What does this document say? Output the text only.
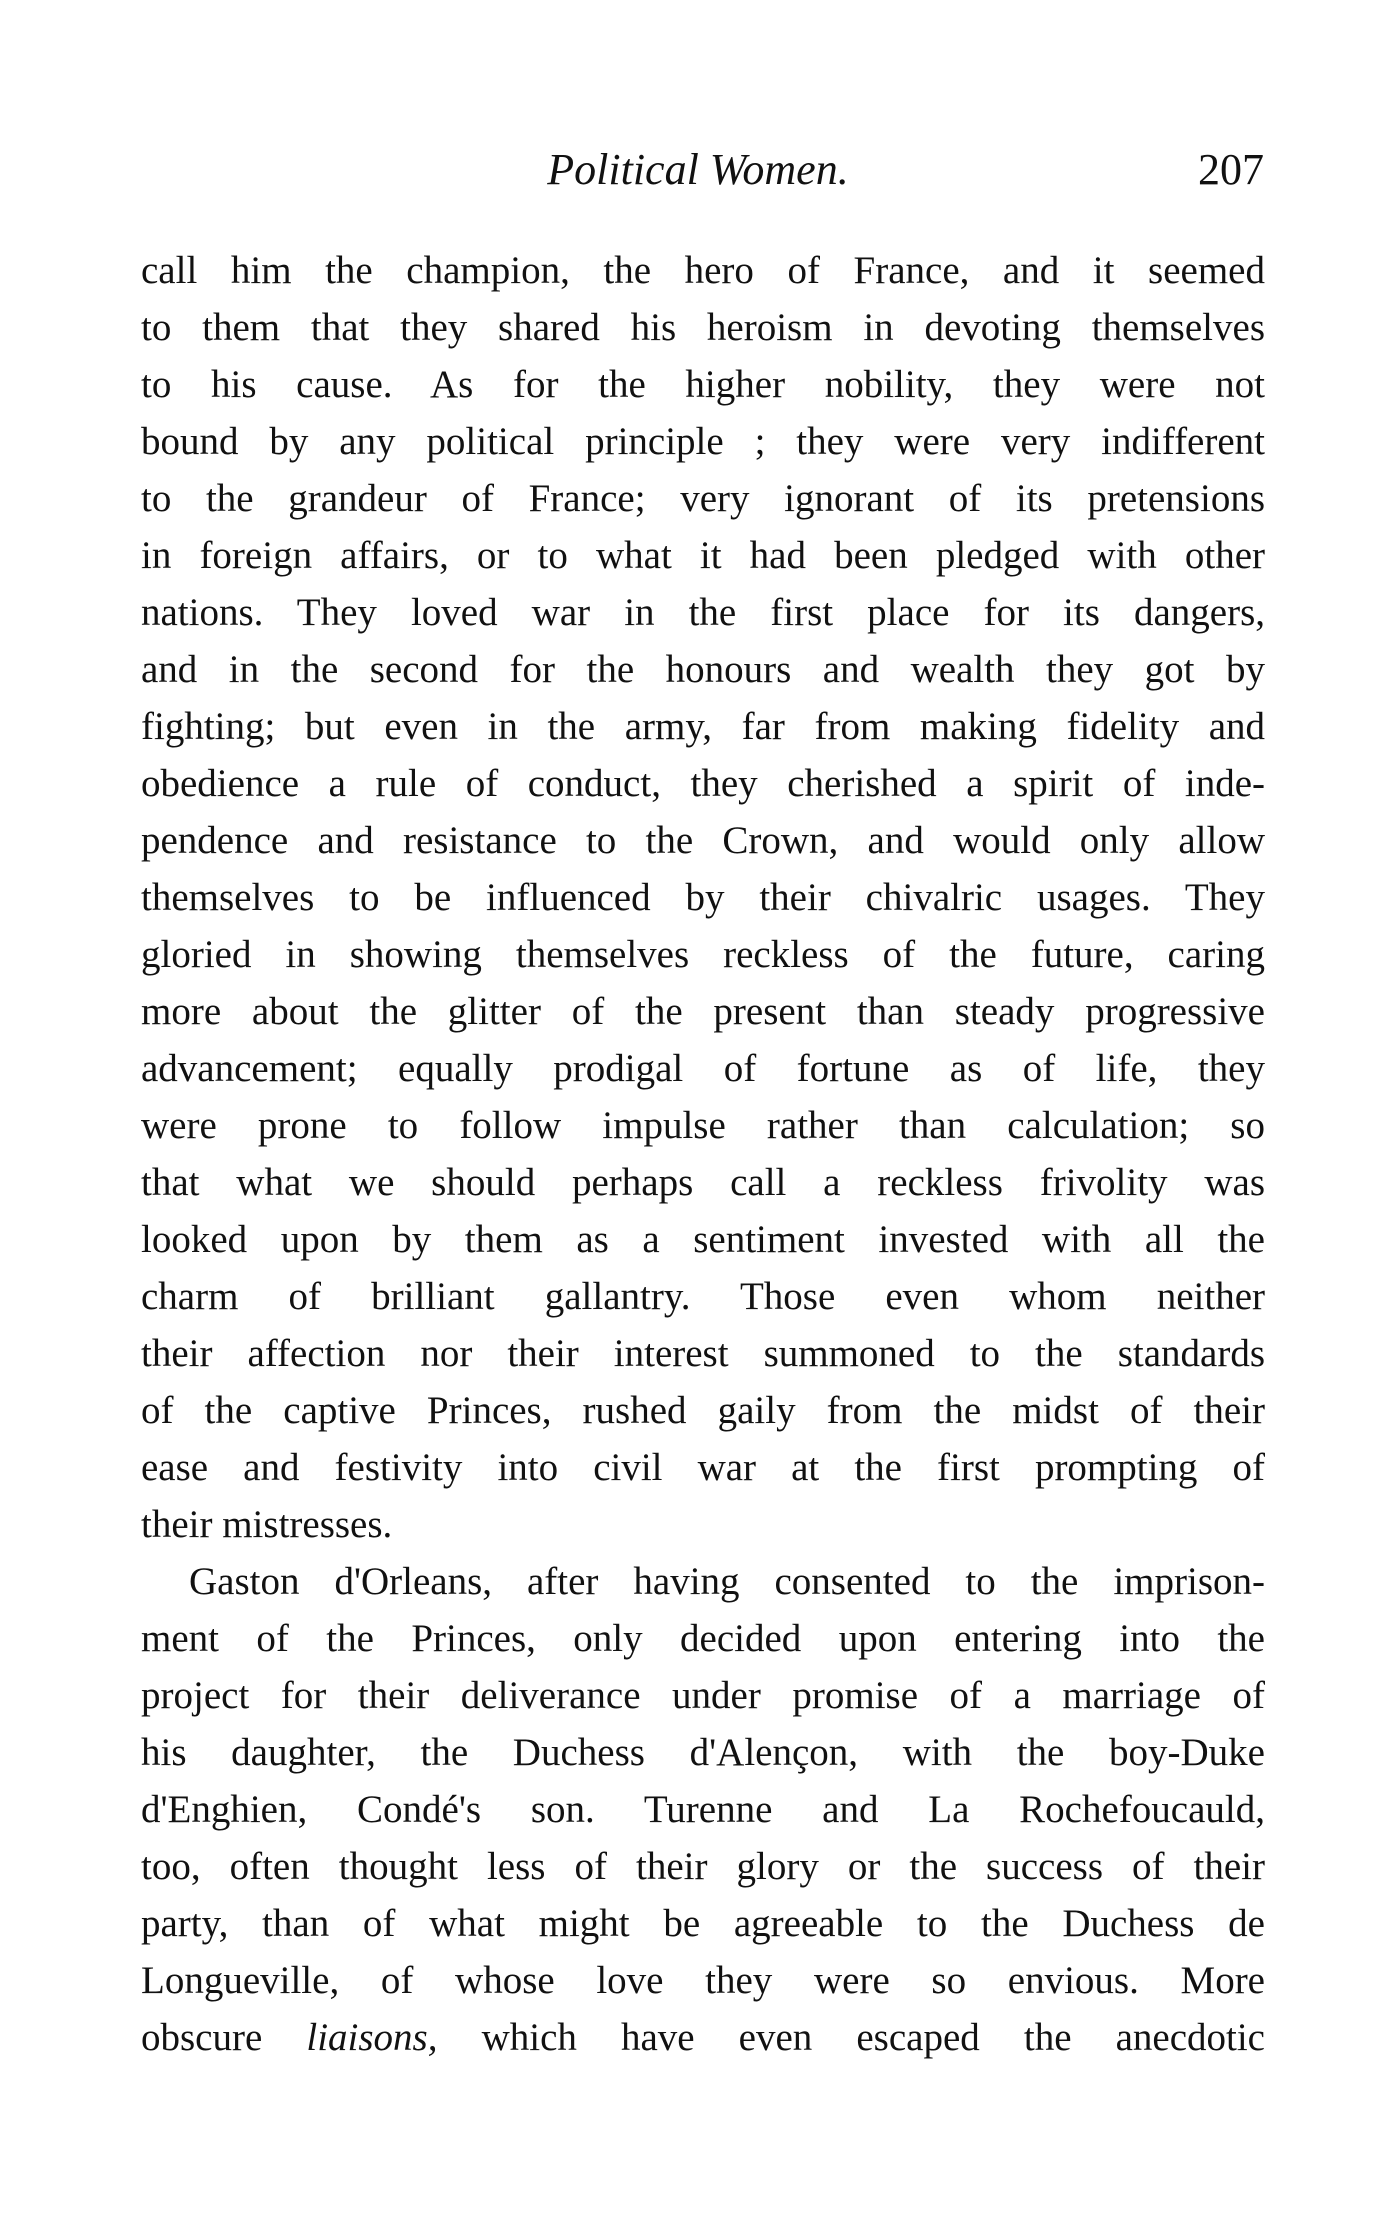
Political Women.	207
call him the champion, the hero of France, and it seemed
to them that they shared his heroism in devoting themselves
to his cause. As for the higher nobility, they were not
bound by any political principle ; they were very indifferent
to the grandeur of France; very ignorant of its pretensions
in foreign affairs, or to what it had been pledged with other
nations. They loved war in the first place for its dangers,
and in the second for the honours and wealth they got by
fighting; but even in the army, far from making fidelity and
obedience a rule of conduct, they cherished a spirit of inde-
pendence and resistance to the Crown, and would only allow
themselves to be influenced by their chivalric usages. They
gloried in showing themselves reckless of the future, caring
more about the glitter of the present than steady progressive
advancement; equally prodigal of fortune as of life, they
were prone to follow impulse rather than calculation; so
that what we should perhaps call a reckless frivolity was
looked upon by them as a sentiment invested with all the
charm of brilliant gallantry. Those even whom neither
their affection nor their interest summoned to the standards
of the captive Princes, rushed gaily from the midst of their
ease and festivity into civil war at the first prompting of
their mistresses.
Gaston d'Orleans, after having consented to the imprison-
ment of the Princes, only decided upon entering into the
project for their deliverance under promise of a marriage of
his daughter, the Duchess d'Alençon, with the boy-Duke
d'Enghien, Condé's son. Turenne and La Rochefoucauld,
too, often thought less of their glory or the success of their
party, than of what might be agreeable to the Duchess de
Longueville, of whose love they were so envious. More
obscure liaisons, which have even escaped the anecdotic
